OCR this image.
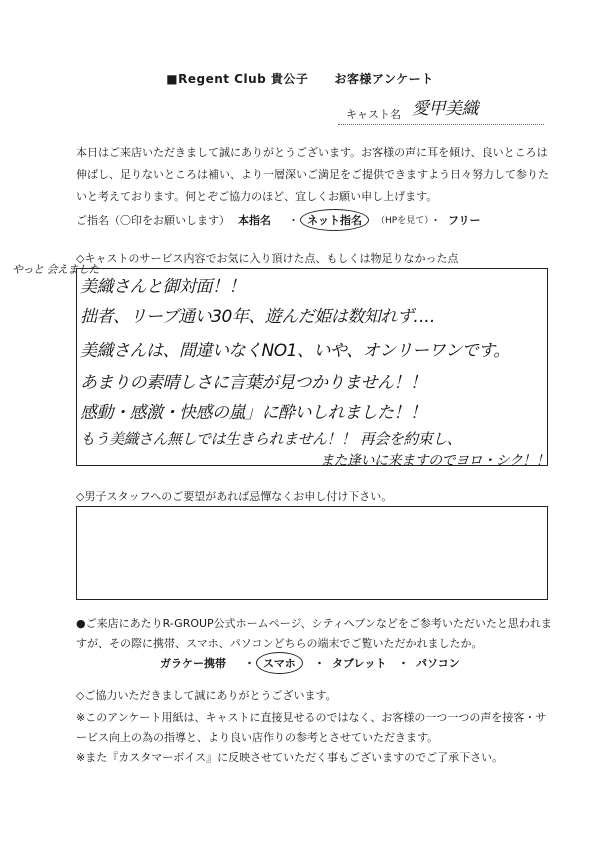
■Regent Club 貴公子 お客様アンケート
キャスト名 愛甲美織
本日はご来店いただきまして誠にありがとうございます。お客様の声に耳を傾け、良いところは伸ばし、足りないところは補い、より一層深いご満足をご提供できますよう日々努力して参りたいと考えております。何とぞご協力のほど、宜しくお願い申し上げます。
ご指名（〇印をお願いします） 本指名 ・ ネット指名	（HPを見て）
・ フリー
◇キャストのサービス内容でお気に入り頂けた点、もしくは物足りなかった点
やっと 会えました
美織さんと御対面！！
拙者、リーブ通い30年、遊んだ姫は数知れず‥‥
美織さんは、間違いなくNO1、いや、オンリーワンです。
あまりの素晴しさに言葉が見つかりません！！
感動・感激・快感の嵐」に酔いしれました！！
もう美織さん無しでは生きられません！！ 再会を約束し、
また逢いに来ますのでヨロ・シク！！
◇男子スタッフへのご要望があれば忌憚なくお申し付け下さい。
●ご来店にあたりR-GROUP公式ホームページ、シティヘブンなどをご参考いただいたと思われますが、その際に携帯、スマホ、パソコンどちらの端末でご覧いただかれましたか。
ガラケー携帯 ・ スマホ	・ タブレット ・ パソコン
◇ご協力いただきまして誠にありがとうございます。
※このアンケート用紙は、キャストに直接見せるのではなく、お客様の一つ一つの声を接客・サービス向上の為の指導と、より良い店作りの参考とさせていただきます。
※また『カスタマーボイス』に反映させていただく事もございますのでご了承下さい。
